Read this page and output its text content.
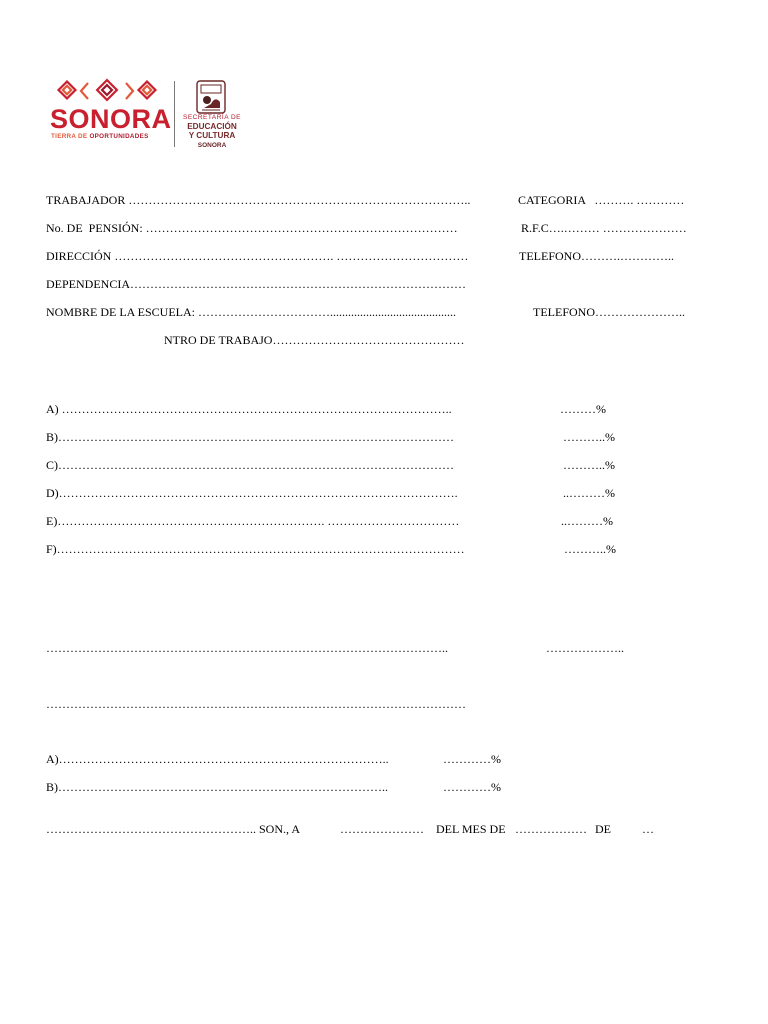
SONORA
TIERRA DE OPORTUNIDADES
SECRETARÍA DE
EDUCACIÓN
Y CULTURA
SONORA
TRABAJADOR …………………………………………………………………………..	CATEGORIA   ………. …………
No. DE  PENSIÓN: ……………………………………………………………………	R.F.C….……… …………………
DIRECCIÓN ………………………………………………. ……………………………	TELEFONO……….…………..
DEPENDENCIA…………………………………………………………………………
NOMBRE DE LA ESCUELA: ……………………………..........................................	TELEFONO…………………..
NTRO DE TRABAJO…………………………………………
A) ……………………………………………………………………………………..	………%
B)………………………………………………………………………………………	………..%
C)………………………………………………………………………………………	………..%
D)……………………………………………………………………………………….	..………%
E)…………………………………………………………. ……………………………	..………%
F)…………………………………………………………………………………………	………..%
………………………………………………………………………………………..	………………..
……………………………………………………………………………………………
A)………………………………………………………………………..	…………%
B)………………………………………………………………………..	…………%
…………………………………………….. SON., A	………………… DEL MES DE ……………… DE	…
